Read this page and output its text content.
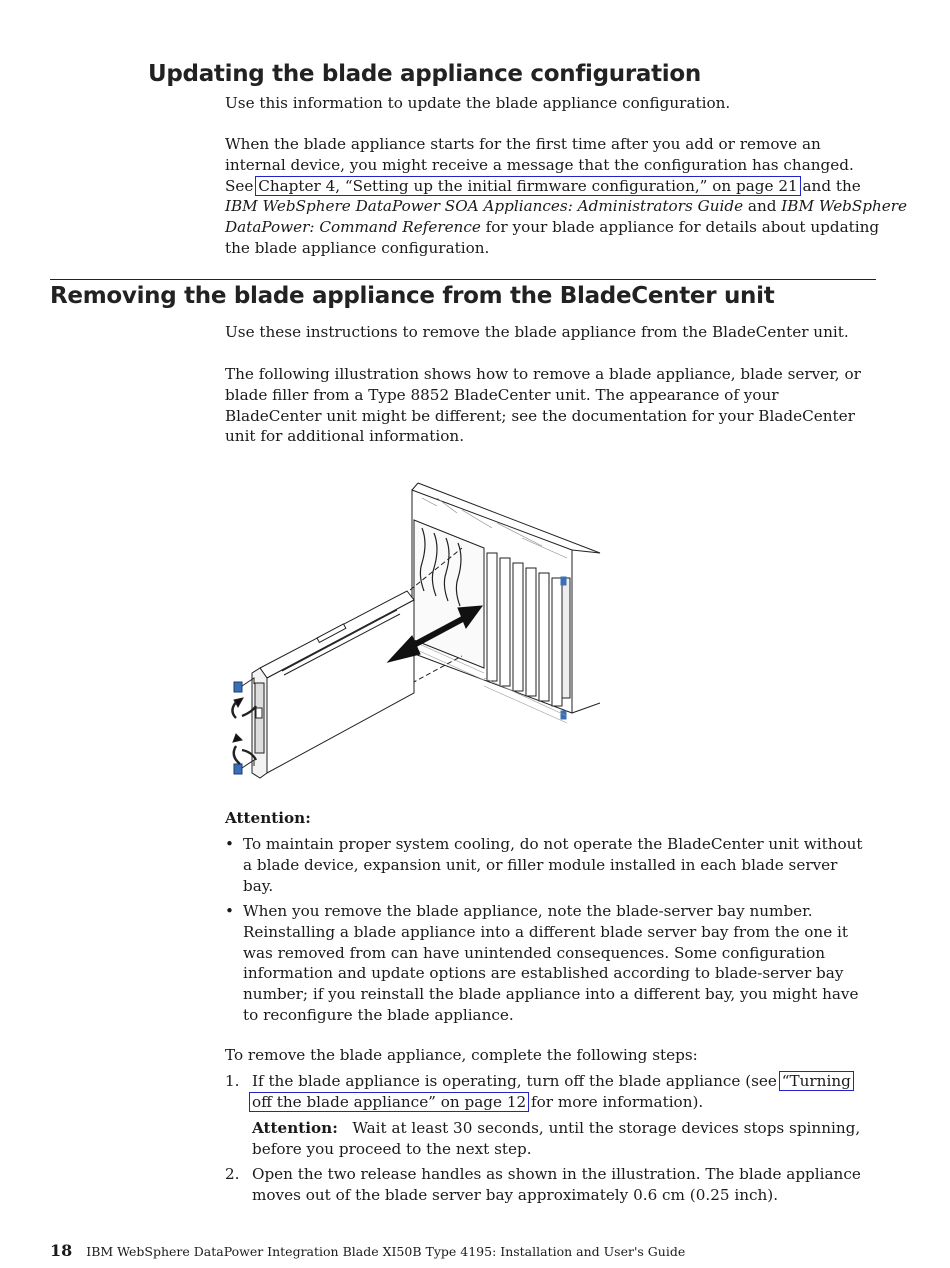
Updating the blade appliance configuration
Use this information to update the blade appliance configuration.
When the blade appliance starts for the first time after you add or remove an
internal device, you might receive a message that the configuration has changed.
See Chapter 4, “Setting up the initial firmware configuration,” on page 21 and the
IBM WebSphere DataPower SOA Appliances: Administrators Guide and IBM WebSphere
DataPower: Command Reference for your blade appliance for details about updating
the blade appliance configuration.
Removing the blade appliance from the BladeCenter unit
Use these instructions to remove the blade appliance from the BladeCenter unit.
The following illustration shows how to remove a blade appliance, blade server, or
blade filler from a Type 8852 BladeCenter unit. The appearance of your
BladeCenter unit might be different; see the documentation for your BladeCenter
unit for additional information.
Attention:
• To maintain proper system cooling, do not operate the BladeCenter unit without
a blade device, expansion unit, or filler module installed in each blade server
bay.
• When you remove the blade appliance, note the blade-server bay number.
Reinstalling a blade appliance into a different blade server bay from the one it
was removed from can have unintended consequences. Some configuration
information and update options are established according to blade-server bay
number; if you reinstall the blade appliance into a different bay, you might have
to reconfigure the blade appliance.
To remove the blade appliance, complete the following steps:
1. If the blade appliance is operating, turn off the blade appliance (see “Turning
off the blade appliance” on page 12 for more information).
Attention: Wait at least 30 seconds, until the storage devices stops spinning,
before you proceed to the next step.
2. Open the two release handles as shown in the illustration. The blade appliance
moves out of the blade server bay approximately 0.6 cm (0.25 inch).
18 IBM WebSphere DataPower Integration Blade XI50B Type 4195: Installation and User's Guide
